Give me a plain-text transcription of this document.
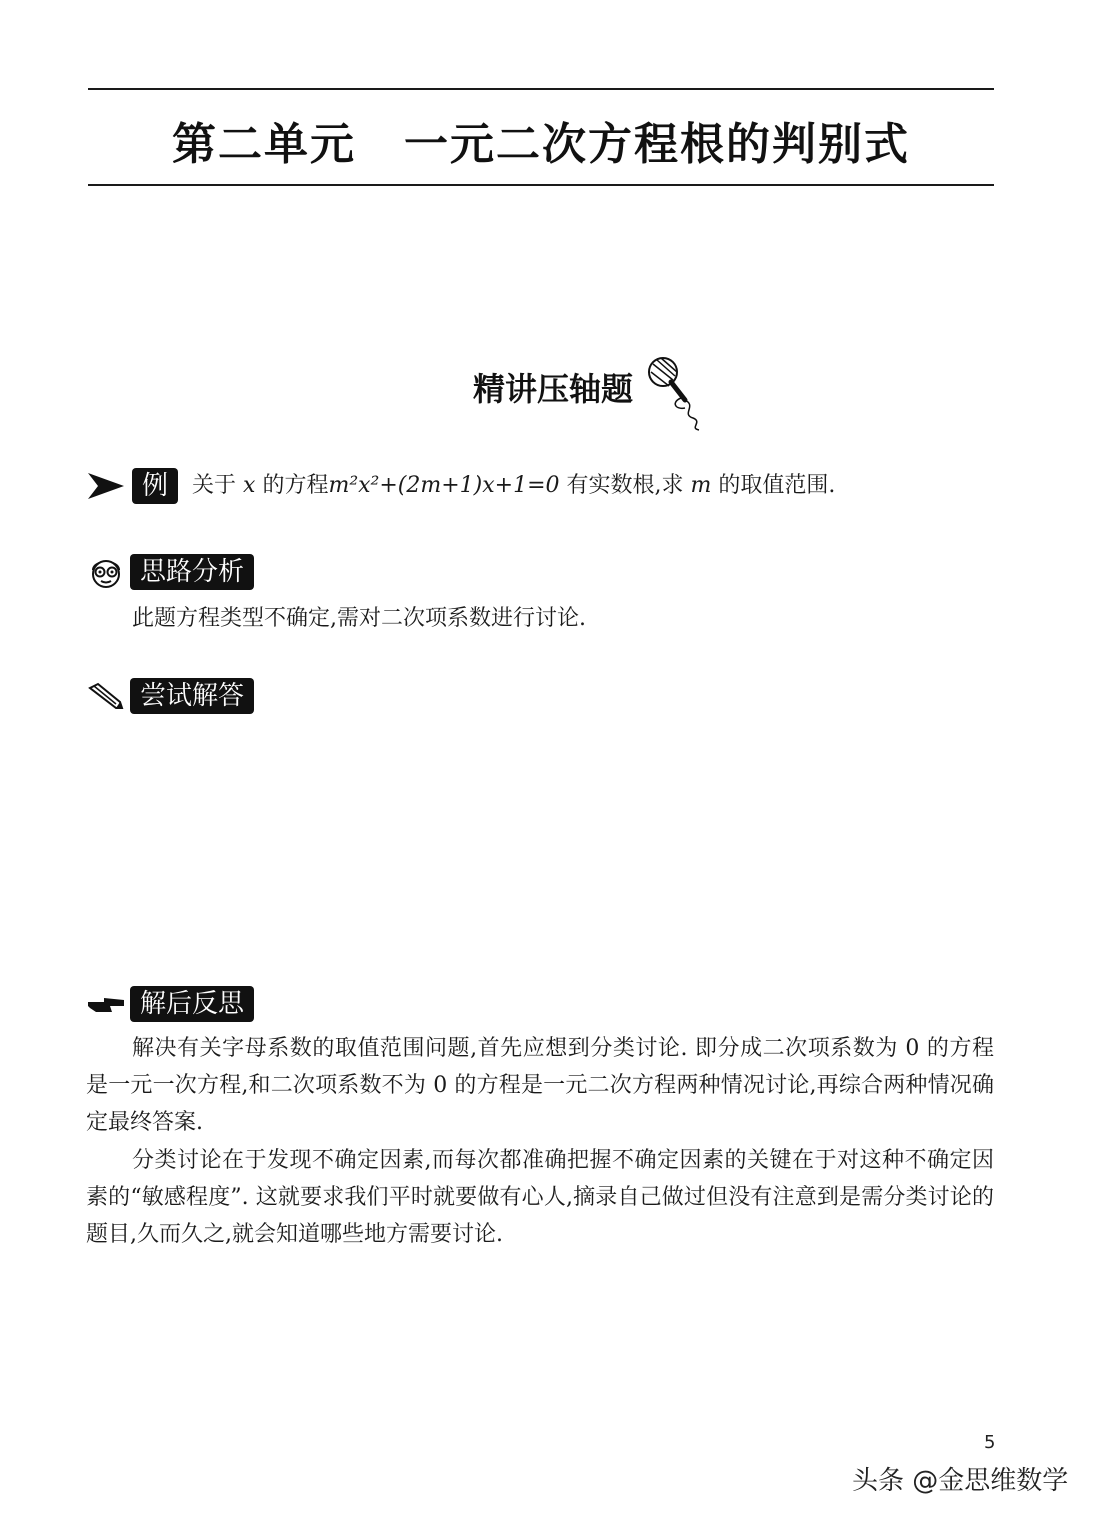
第二单元 一元二次方程根的判别式
精讲压轴题
例	关于 x 的方程m²x²+(2m+1)x+1=0 有实数根,求 m 的取值范围.
思路分析
此题方程类型不确定,需对二次项系数进行讨论.
尝试解答
解后反思
解决有关字母系数的取值范围问题,首先应想到分类讨论. 即分成二次项系数为 0 的方程是一元一次方程,和二次项系数不为 0 的方程是一元二次方程两种情况讨论,再综合两种情况确定最终答案.
分类讨论在于发现不确定因素,而每次都准确把握不确定因素的关键在于对这种不确定因素的“敏感程度”. 这就要求我们平时就要做有心人,摘录自己做过但没有注意到是需分类讨论的题目,久而久之,就会知道哪些地方需要讨论.
5
头条 @金思维数学
